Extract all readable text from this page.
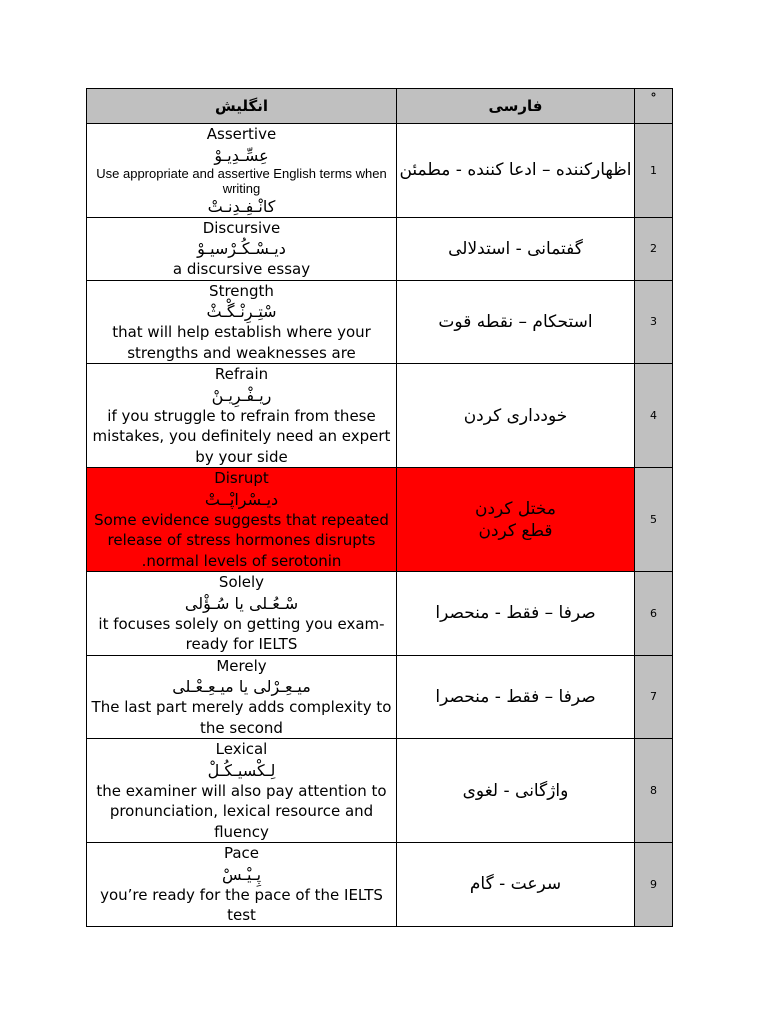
انگلیش	فارسی	°

Assertive
عِسِّـدِیـوْ
Use appropriate and assertive English terms when writing
کانْـفِـدِنـتْ	اظهارکننده – ادعا کننده - مطمئن	1

Discursive
دیـسْـکُـرْسیـوْ
a discursive essay	گفتمانی - استدلالی	2

Strength
سْتِـرِنْـگْـثْ
that will help establish where your strengths and weaknesses are	استحکام – نقطه قوت	3

Refrain
ریـفْـرِیـنْ
if you struggle to refrain from these mistakes, you definitely need an expert by your side	خودداری کردن	4

Disrupt
دیـسْراپْــتْ
Some evidence suggests that repeated release of stress hormones disrupts .normal levels of serotonin	مختل کردن
قطع کردن	5

Solely
سْـعُـلی یا سُـؤْلی
it focuses solely on getting you exam-ready for IELTS	صرفا – فقط - منحصرا	6

Merely
میـعِـرْلی یا میـعِـعْـلی
The last part merely adds complexity to the second	صرفا – فقط - منحصرا	7

Lexical
لِـکْسیـکُـلْ
the examiner will also pay attention to pronunciation, lexical resource and fluency	واژگانی - لغوی	8

Pace
پِـیْـسْ
you’re ready for the pace of the IELTS test	سرعت - گام	9
